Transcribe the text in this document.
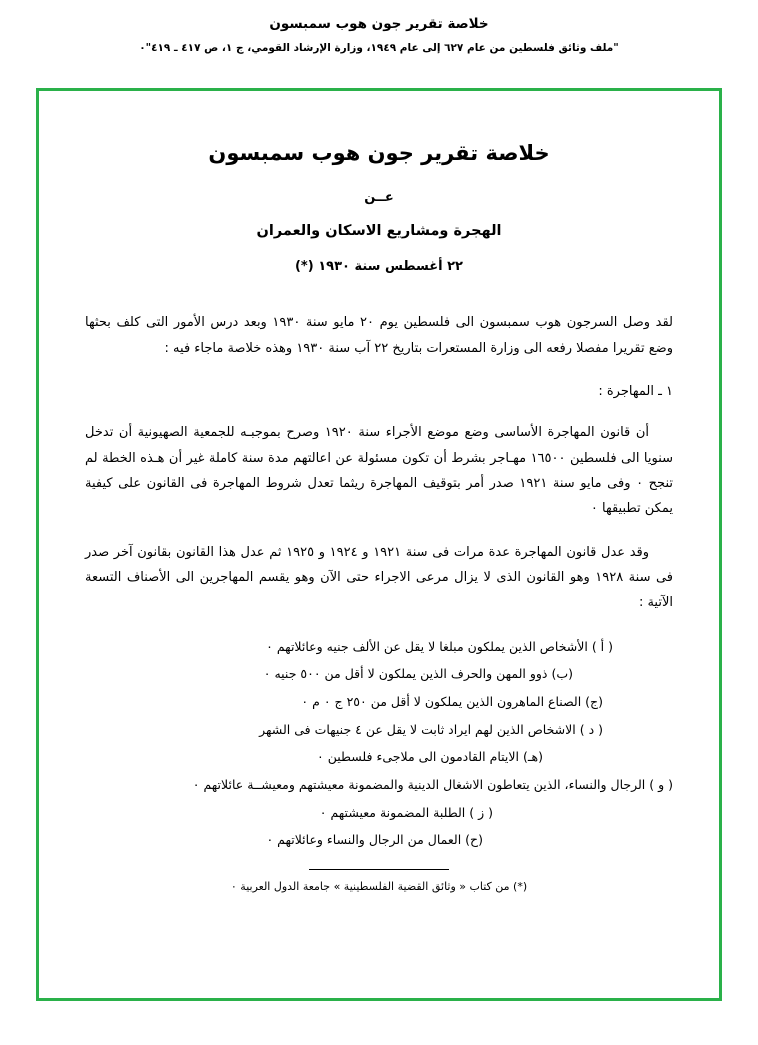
خلاصة تقرير جون هوب سمبسون
"ملف وثائق فلسطين من عام ٦٢٧ إلى عام ١٩٤٩، وزارة الإرشاد القومي، ج ١، ص ٤١٧ ـ ٤١٩"٠
خلاصة تقرير جون هوب سمبسون
عــن
الهجرة ومشاريع الاسكان والعمران
٢٢ أغسطس سنة ١٩٣٠ (*)

لقد وصل السرجون هوب سمبسون الى فلسطين يوم ٢٠ مايو سنة ١٩٣٠ وبعد درس الأمور التى كلف بحثها وضع تقريرا مفصلا رفعه الى وزارة المستعرات بتاريخ ٢٢ آب سنة ١٩٣٠ وهذه خلاصة ماجاء فيه :

١ ـ المهاجرة :

أن قانون المهاجرة الأساسى وضع موضع الأجراء سنة ١٩٢٠ وصرح بموجبـه للجمعية الصهيونية أن تدخل سنويا الى فلسطين ١٦٥٠٠ مهـاجر بشرط أن تكون مسئولة عن اعالتهم مدة سنة كاملة غير أن هـذه الخطة لم تنجح ٠ وفى مايو سنة ١٩٢١ صدر أمر بتوقيف المهاجرة ريثما تعدل شروط المهاجرة فى القانون على كيفية يمكن تطبيقها ٠

وقد عدل قانون المهاجرة عدة مرات فى سنة ١٩٢١ و ١٩٢٤ و ١٩٢٥ ثم عدل هذا القانون بقانون آخر صدر فى سنة ١٩٢٨ وهو القانون الذى لا يزال مرعى الاجراء حتى الآن وهو يقسم المهاجرين الى الأصناف التسعة الآتية :

( أ ) الأشخاص الذين يملكون مبلغا لا يقل عن الألف جنيه وعائلاتهم ٠
(ب) ذوو المهن والحرف الذين يملكون لا أقل من ٥٠٠ جنيه ٠
(ج) الصناع الماهرون الذين يملكون لا أقل من ٢٥٠ ج ٠ م ٠
( د ) الاشخاص الذين لهم ايراد ثابت لا يقل عن ٤ جنيهات فى الشهر
(هـ) الايتام القادمون الى ملاجىء فلسطين ٠
( و ) الرجال والنساء، الذين يتعاطون الاشغال الدينية والمضمونة معيشتهم ومعيشــة عائلاتهم ٠
( ز ) الطلبة المضمونة معيشتهم ٠
(ح) العمال من الرجال والنساء وعائلاتهم ٠
(*) من كتاب « وثائق القضية الفلسطينية » جامعة الدول العربية ٠
